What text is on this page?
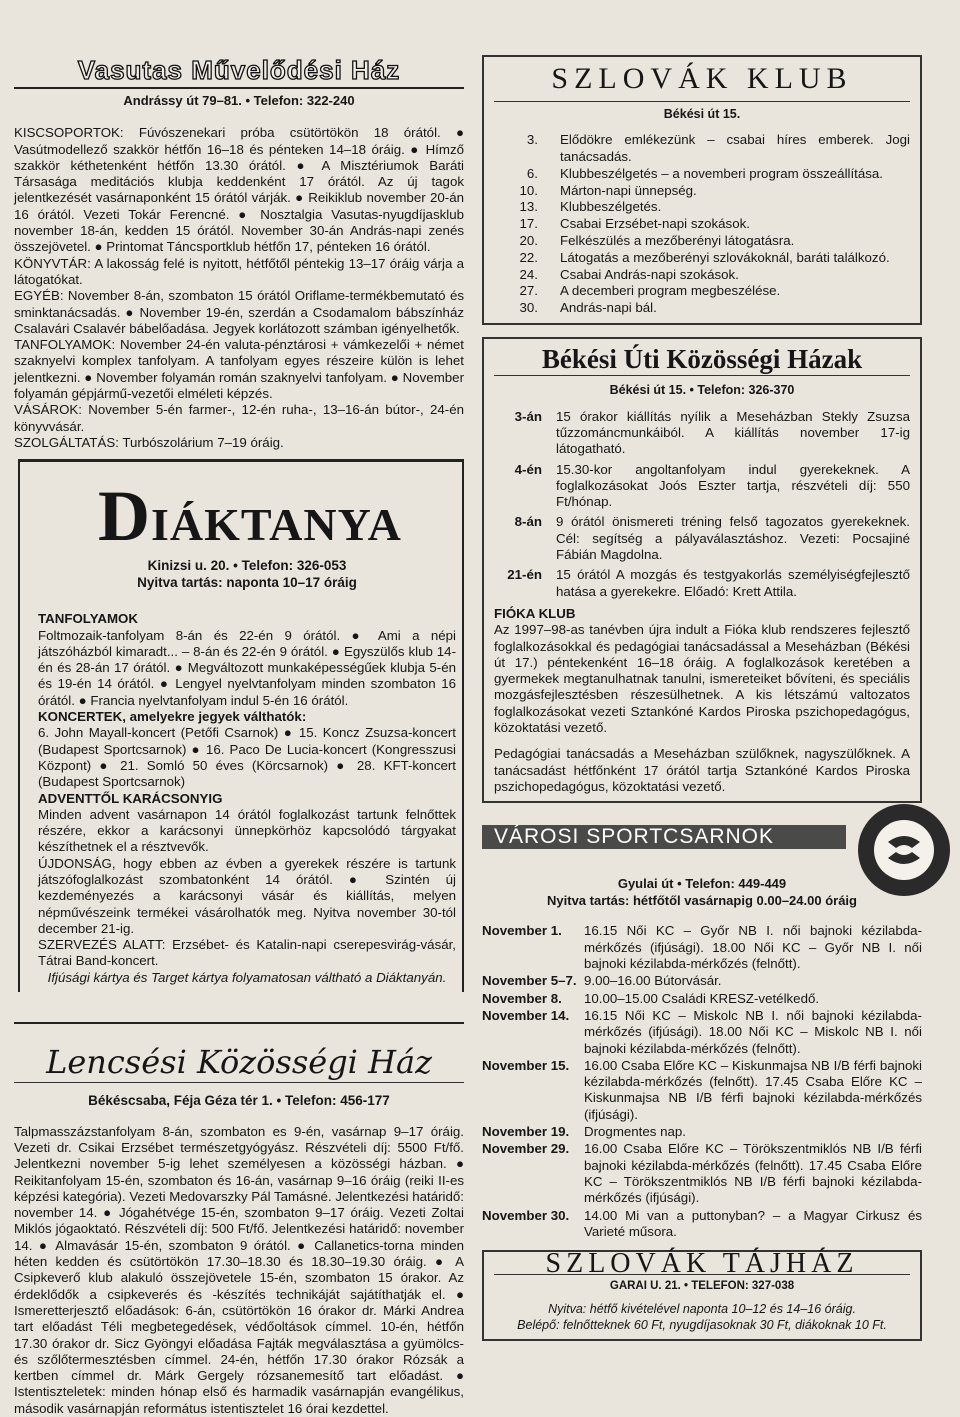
Vasutas Művelődési Ház
Andrássy út 79–81. • Telefon: 322-240

KISCSOPORTOK: Fúvószenekari próba csütörtökön 18 órától. ● Vasútmodellező szakkör hétfőn 16–18 és pénteken 14–18 óráig. ● Hímző szakkör kéthetenként hétfőn 13.30 órától. ● A Misztériumok Baráti Társasága meditációs klubja keddenként 17 órától. Az új tagok jelentkezését vasárnaponként 15 órától várják. ● Reikiklub november 20-án 16 órától. Vezeti Tokár Ferencné. ● Nosztalgia Vasutas-nyugdíjasklub november 18-án, kedden 15 órától. November 30-án András-napi zenés összejövetel. ● Printomat Táncsportklub hétfőn 17, pénteken 16 órától.

KÖNYVTÁR: A lakosság felé is nyitott, hétfőtől péntekig 13–17 óráig várja a látogatókat.

EGYÉB: November 8-án, szombaton 15 órától Oriflame-termékbemutató és sminktanácsadás. ● November 19-én, szerdán a Csodamalom bábszínház Csalavári Csalavér bábelőadása. Jegyek korlátozott számban igényelhetők.

TANFOLYAMOK: November 24-én valuta-pénztárosi + vámkezelői + német szaknyelvi komplex tanfolyam. A tanfolyam egyes részeire külön is lehet jelentkezni. ● November folyamán román szaknyelvi tanfolyam. ● November folyamán gépjármű-vezetői elméleti képzés.

VÁSÁROK: November 5-én farmer-, 12-én ruha-, 13–16-án bútor-, 24-én könyvvásár.

SZOLGÁLTATÁS: Turbószolárium 7–19 óráig.

DIÁKTANYA
Kinizsi u. 20. • Telefon: 326-053
Nyitva tartás: naponta 10–17 óráig

TANFOLYAMOK

Foltmozaik-tanfolyam 8-án és 22-én 9 órától. ● Ami a népi játszóházból kimaradt... – 8-án és 22-én 9 órától. ● Egyszülős klub 14-én és 28-án 17 órától. ● Megváltozott munkaképességűek klubja 5-én és 19-én 14 órától. ● Lengyel nyelvtanfolyam minden szombaton 16 órától. ● Francia nyelvtanfolyam indul 5-én 16 órától.

KONCERTEK, amelyekre jegyek válthatók:

6. John Mayall-koncert (Petőfi Csarnok) ● 15. Koncz Zsuzsa-koncert (Budapest Sportcsarnok) ● 16. Paco De Lucia-koncert (Kongresszusi Központ) ● 21. Somló 50 éves (Körcsarnok) ● 28. KFT-koncert (Budapest Sportcsarnok)

ADVENTTŐL KARÁCSONYIG

Minden advent vasárnapon 14 órától foglalkozást tartunk felnőttek részére, ekkor a karácsonyi ünnepkörhöz kapcsolódó tárgyakat készíthetnek el a résztvevők.

ÚJDONSÁG, hogy ebben az évben a gyerekek részére is tartunk játszófoglalkozást szombatonként 14 órától. ● Szintén új kezdeményezés a karácsonyi vásár és kiállítás, melyen népművészeink termékei vásárolhatók meg. Nyitva november 30-tól december 21-ig.

SZERVEZÉS ALATT: Erzsébet- és Katalin-napi cserepesvirág-vásár, Tátrai Band-koncert.

Ifjúsági kártya és Target kártya folyamatosan váltható a Diáktanyán.

Lencsési Közösségi Ház
Békéscsaba, Féja Géza tér 1. • Telefon: 456-177

Talpmasszázstanfolyam 8-án, szombaton es 9-én, vasárnap 9–17 óráig. Vezeti dr. Csikai Erzsébet természetgyógyász. Részvételi díj: 5500 Ft/fő. Jelentkezni november 5-ig lehet személyesen a közösségi házban. ● Reikitanfolyam 15-én, szombaton és 16-án, vasárnap 9–16 óráig (reiki II-es képzési kategória). Vezeti Medovarszky Pál Tamásné. Jelentkezési határidő: november 14. ● Jógahétvége 15-én, szombaton 9–17 óráig. Vezeti Zoltai Miklós jógaoktató. Részvételi díj: 500 Ft/fő. Jelentkezési határidő: november 14. ● Almavásár 15-én, szombaton 9 órától. ● Callanetics-torna minden héten kedden és csütörtökön 17.30–18.30 és 18.30–19.30 óráig. ● A Csipkeverő klub alakuló összejövetele 15-én, szombaton 15 órakor. Az érdeklődők a csipkeverés és -készítés technikáját sajátíthatják el. ● Ismeretterjesztő előadások: 6-án, csütörtökön 16 órakor dr. Márki Andrea tart előadást Téli megbetegedések, védőoltások címmel. 10-én, hétfőn 17.30 órakor dr. Sicz Gyöngyi előadása Fajták megválasztása a gyümölcs- és szőlőtermesztésben címmel. 24-én, hétfőn 17.30 órakor Rózsák a kertben címmel dr. Márk Gergely rózsanemesítő tart előadást. ● Istentiszteletek: minden hónap első és harmadik vasárnapján evangélikus, második vasárnapján református istentisztelet 16 órai kezdettel.

SZLOVÁK KLUB
Békési út 15.
3.	Elődökre emlékezünk – csabai híres emberek. Jogi tanácsadás.
6.	Klubbeszélgetés – a novemberi program összeállítása.
10.	Márton-napi ünnepség.
13.	Klubbeszélgetés.
17.	Csabai Erzsébet-napi szokások.
20.	Felkészülés a mezőberényi látogatásra.
22.	Látogatás a mezőberényi szlovákoknál, baráti találkozó.
24.	Csabai András-napi szokások.
27.	A decemberi program megbeszélése.
30.	András-napi bál.
Békési Úti Közösségi Házak
Békési út 15. • Telefon: 326-370
3-án	15 órakor kiállítás nyílik a Meseházban Stekly Zsuzsa tűzzománcmunkáiból. A kiállítás november 17-ig látogatható.
4-én	15.30-kor angoltanfolyam indul gyerekeknek. A foglalkozásokat Joós Eszter tartja, részvételi díj: 550 Ft/hónap.
8-án	9 órától önismereti tréning felső tagozatos gyerekeknek. Cél: segítség a pályaválasztáshoz. Vezeti: Pocsajiné Fábián Magdolna.
21-én	15 órától A mozgás és testgyakorlás személyiségfejlesztő hatása a gyerekekre. Előadó: Krett Attila.

FIÓKA KLUB

Az 1997–98-as tanévben újra indult a Fióka klub rendszeres fejlesztő foglalkozásokkal és pedagógiai tanácsadással a Meseházban (Békési út 17.) péntekenként 16–18 óráig. A foglalkozások keretében a gyermekek megtanulhatnak tanulni, ismereteiket bővíteni, és speciális mozgásfejlesztésben részesülhetnek. A kis létszámú valtozatos foglalkozásokat vezeti Sztankóné Kardos Piroska pszichopedagógus, közoktatási vezető.

Pedagógiai tanácsadás a Meseházban szülőknek, nagyszülőknek. A tanácsadást hétfőnként 17 órától tartja Sztankóné Kardos Piroska pszichopedagógus, közoktatási vezető.

VÁROSI SPORTCSARNOK
Gyulai út • Telefon: 449-449
Nyitva tartás: hétfőtől vasárnapig 0.00–24.00 óráig
November 1.	16.15 Női KC – Győr NB I. női bajnoki kézilabda-mérkőzés (ifjúsági). 18.00 Női KC – Győr NB I. női bajnoki kézilabda-mérkőzés (felnőtt).
November 5–7. 9.00–16.00 Bútorvásár.
November 8.	10.00–15.00 Családi KRESZ-vetélkedő.
November 14.	16.15 Női KC – Miskolc NB I. női bajnoki kézilabda-mérkőzés (ifjúsági). 18.00 Női KC – Miskolc NB I. női bajnoki kézilabda-mérkőzés (felnőtt).
November 15.	16.00 Csaba Előre KC – Kiskunmajsa NB I/B férfi bajnoki kézilabda-mérkőzés (felnőtt). 17.45 Csaba Előre KC – Kiskunmajsa NB I/B férfi bajnoki kézilabda-mérkőzés (ifjúsági).
November 19.	Drogmentes nap.
November 29.	16.00 Csaba Előre KC – Törökszentmiklós NB I/B férfi bajnoki kézilabda-mérkőzés (felnőtt). 17.45 Csaba Előre KC – Törökszentmiklós NB I/B férfi bajnoki kézilabda-mérkőzés (ifjúsági).
November 30.	14.00 Mi van a puttonyban? – a Magyar Cirkusz és Varieté műsora.
SZLOVÁK TÁJHÁZ
GARAI U. 21. • TELEFON: 327-038
Nyitva: hétfő kivételével naponta 10–12 és 14–16 óráig.
Belépő: felnőtteknek 60 Ft, nyugdíjasoknak 30 Ft, diákoknak 10 Ft.
